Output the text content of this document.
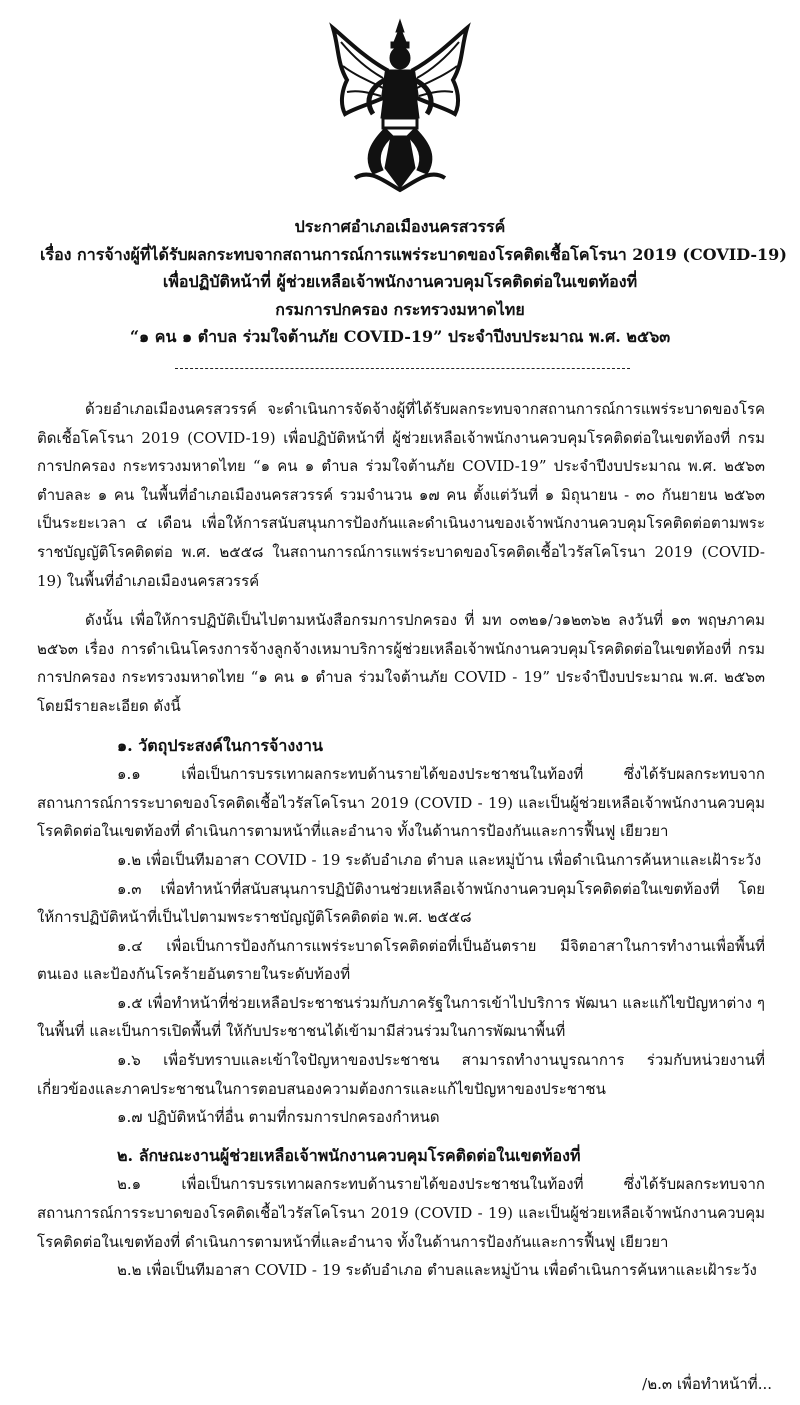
ประกาศอำเภอเมืองนครสวรรค์
เรื่อง การจ้างผู้ที่ได้รับผลกระทบจากสถานการณ์การแพร่ระบาดของโรคติดเชื้อโคโรนา 2019 (COVID-19)
เพื่อปฏิบัติหน้าที่ ผู้ช่วยเหลือเจ้าพนักงานควบคุมโรคติดต่อในเขตท้องที่
กรมการปกครอง กระทรวงมหาดไทย
“๑ คน ๑ ตำบล ร่วมใจต้านภัย COVID-19” ประจำปีงบประมาณ พ.ศ. ๒๕๖๓

ด้วยอำเภอเมืองนครสวรรค์ จะดำเนินการจัดจ้างผู้ที่ได้รับผลกระทบจากสถานการณ์การแพร่ระบาดของโรคติดเชื้อโคโรนา 2019 (COVID-19) เพื่อปฏิบัติหน้าที่ ผู้ช่วยเหลือเจ้าพนักงานควบคุมโรคติดต่อในเขตท้องที่ กรมการปกครอง กระทรวงมหาดไทย “๑ คน ๑ ตำบล ร่วมใจต้านภัย COVID-19” ประจำปีงบประมาณ พ.ศ. ๒๕๖๓ ตำบลละ ๑ คน ในพื้นที่อำเภอเมืองนครสวรรค์ รวมจำนวน ๑๗ คน ตั้งแต่วันที่ ๑ มิถุนายน - ๓๐ กันยายน ๒๕๖๓ เป็นระยะเวลา ๔ เดือน เพื่อให้การสนับสนุนการป้องกันและดำเนินงานของเจ้าพนักงานควบคุมโรคติดต่อตามพระราชบัญญัติโรคติดต่อ พ.ศ. ๒๕๕๘ ในสถานการณ์การแพร่ระบาดของโรคติดเชื้อไวรัสโคโรนา 2019 (COVID-19) ในพื้นที่อำเภอเมืองนครสวรรค์

ดังนั้น เพื่อให้การปฏิบัติเป็นไปตามหนังสือกรมการปกครอง ที่ มท ๐๓๒๑/ว๑๒๓๖๒ ลงวันที่ ๑๓ พฤษภาคม ๒๕๖๓ เรื่อง การดำเนินโครงการจ้างลูกจ้างเหมาบริการผู้ช่วยเหลือเจ้าพนักงานควบคุมโรคติดต่อในเขตท้องที่ กรมการปกครอง กระทรวงมหาดไทย “๑ คน ๑ ตำบล ร่วมใจต้านภัย COVID - 19” ประจำปีงบประมาณ พ.ศ. ๒๕๖๓ โดยมีรายละเอียด ดังนี้

๑. วัตถุประสงค์ในการจ้างงาน

๑.๑ เพื่อเป็นการบรรเทาผลกระทบด้านรายได้ของประชาชนในท้องที่ ซึ่งได้รับผลกระทบจากสถานการณ์การระบาดของโรคติดเชื้อไวรัสโคโรนา 2019 (COVID - 19) และเป็นผู้ช่วยเหลือเจ้าพนักงานควบคุมโรคติดต่อในเขตท้องที่ ดำเนินการตามหน้าที่และอำนาจ ทั้งในด้านการป้องกันและการฟื้นฟู เยียวยา

๑.๒ เพื่อเป็นทีมอาสา COVID - 19 ระดับอำเภอ ตำบล และหมู่บ้าน เพื่อดำเนินการค้นหาและเฝ้าระวัง

๑.๓ เพื่อทำหน้าที่สนับสนุนการปฏิบัติงานช่วยเหลือเจ้าพนักงานควบคุมโรคติดต่อในเขตท้องที่ โดยให้การปฏิบัติหน้าที่เป็นไปตามพระราชบัญญัติโรคติดต่อ พ.ศ. ๒๕๕๘

๑.๔ เพื่อเป็นการป้องกันการแพร่ระบาดโรคติดต่อที่เป็นอันตราย มีจิตอาสาในการทำงานเพื่อพื้นที่ตนเอง และป้องกันโรคร้ายอันตรายในระดับท้องที่

๑.๕ เพื่อทำหน้าที่ช่วยเหลือประชาชนร่วมกับภาครัฐในการเข้าไปบริการ พัฒนา และแก้ไขปัญหาต่าง ๆ ในพื้นที่ และเป็นการเปิดพื้นที่ ให้กับประชาชนได้เข้ามามีส่วนร่วมในการพัฒนาพื้นที่

๑.๖ เพื่อรับทราบและเข้าใจปัญหาของประชาชน สามารถทำงานบูรณาการ ร่วมกับหน่วยงานที่เกี่ยวข้องและภาคประชาชนในการตอบสนองความต้องการและแก้ไขปัญหาของประชาชน

๑.๗ ปฏิบัติหน้าที่อื่น ตามที่กรมการปกครองกำหนด

๒. ลักษณะงานผู้ช่วยเหลือเจ้าพนักงานควบคุมโรคติดต่อในเขตท้องที่

๒.๑ เพื่อเป็นการบรรเทาผลกระทบด้านรายได้ของประชาชนในท้องที่ ซึ่งได้รับผลกระทบจากสถานการณ์การระบาดของโรคติดเชื้อไวรัสโคโรนา 2019 (COVID - 19) และเป็นผู้ช่วยเหลือเจ้าพนักงานควบคุมโรคติดต่อในเขตท้องที่ ดำเนินการตามหน้าที่และอำนาจ ทั้งในด้านการป้องกันและการฟื้นฟู เยียวยา

๒.๒ เพื่อเป็นทีมอาสา COVID - 19 ระดับอำเภอ ตำบลและหมู่บ้าน เพื่อดำเนินการค้นหาและเฝ้าระวัง

/๒.๓ เพื่อทำหน้าที่...
